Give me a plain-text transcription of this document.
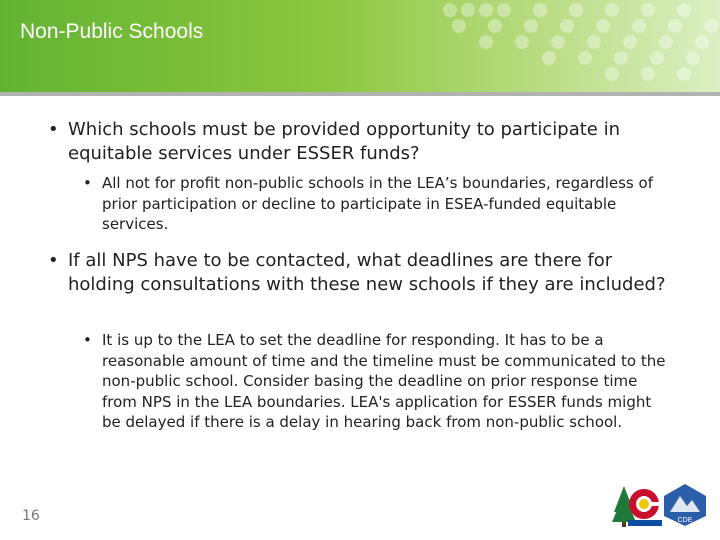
Non-Public Schools
• Which schools must be provided opportunity to participate in equitable services under ESSER funds?
• All not for profit non-public schools in the LEA’s boundaries, regardless of prior participation or decline to participate in ESEA-funded equitable services.
• If all NPS have to be contacted, what deadlines are there for holding consultations with these new schools if they are included?
• It is up to the LEA to set the deadline for responding. It has to be a reasonable amount of time and the timeline must be communicated to the non-public school. Consider basing the deadline on prior response time from NPS in the LEA boundaries. LEA's application for ESSER funds might be delayed if there is a delay in hearing back from non-public school.
16	CDE
